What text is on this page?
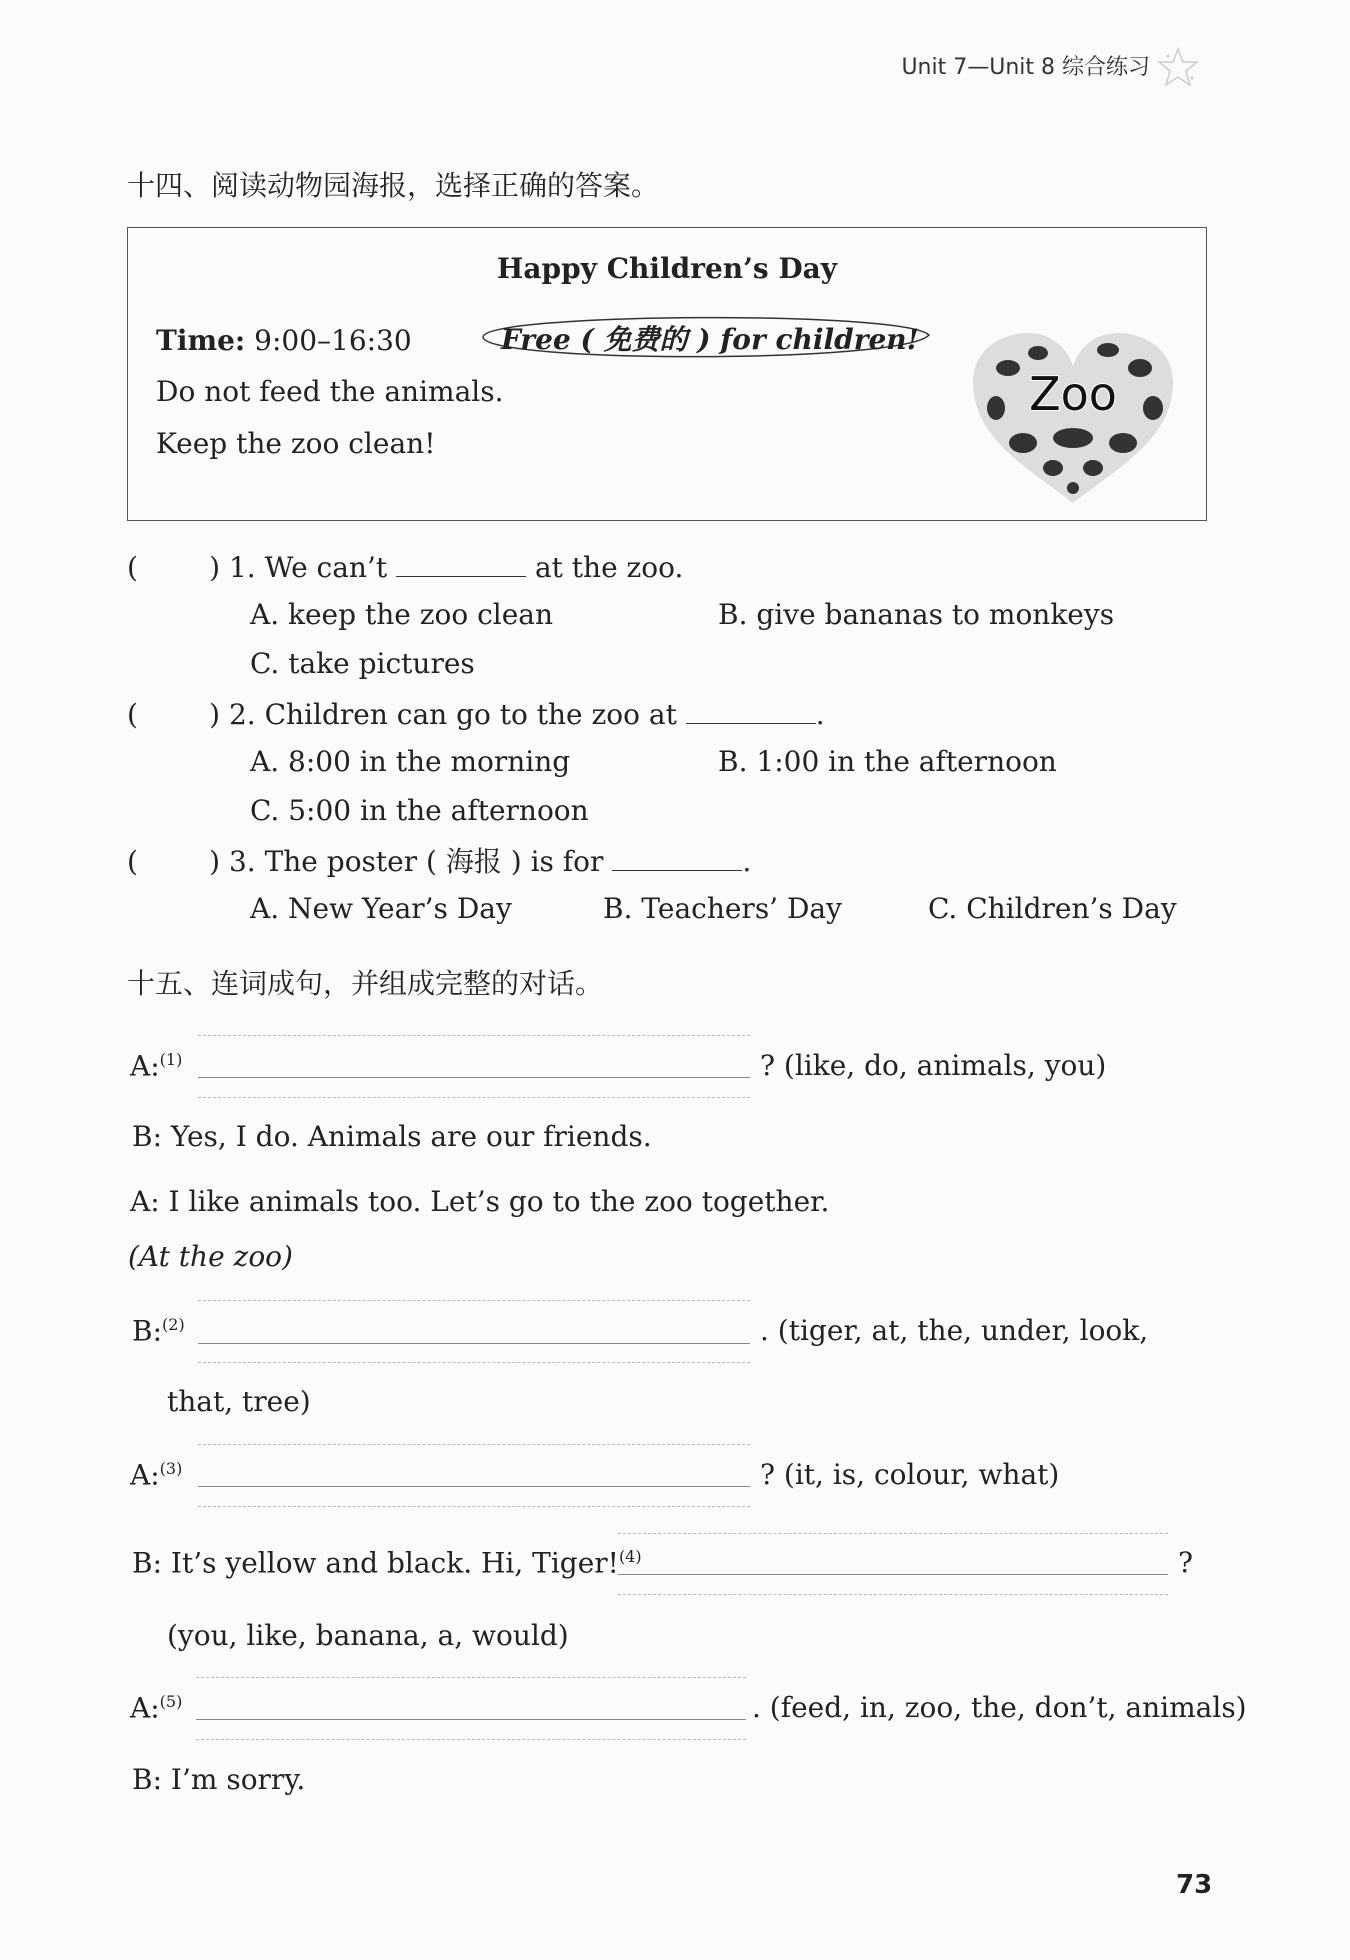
Unit 7—Unit 8 综合练习
十四、阅读动物园海报，选择正确的答案。
Happy Children’s Day
Time: 9:00–16:30	Free ( 免费的 ) for children!
Do not feed the animals.
Keep the zoo clean!
Zoo
(        ) 1. We can’t	at the zoo.
A. keep the zoo clean	B. give bananas to monkeys
C. take pictures
(        ) 2. Children can go to the zoo at	.
A. 8:00 in the morning	B. 1:00 in the afternoon
C. 5:00 in the afternoon
(        ) 3. The poster ( 海报 ) is for	.
A. New Year’s Day	B. Teachers’ Day	C. Children’s Day
十五、连词成句，并组成完整的对话。
A:$^{(1)}$	? (like, do, animals, you)
B: Yes, I do. Animals are our friends.
A: I like animals too. Let’s go to the zoo together.
(At the zoo)
B:$^{(2)}$	. (tiger, at, the, under, look,
that, tree)
A:$^{(3)}$	? (it, is, colour, what)
B: It’s yellow and black. Hi, Tiger!$^{(4)}$	?
(you, like, banana, a, would)
A:$^{(5)}$	. (feed, in, zoo, the, don’t, animals)
B: I’m sorry.
73
